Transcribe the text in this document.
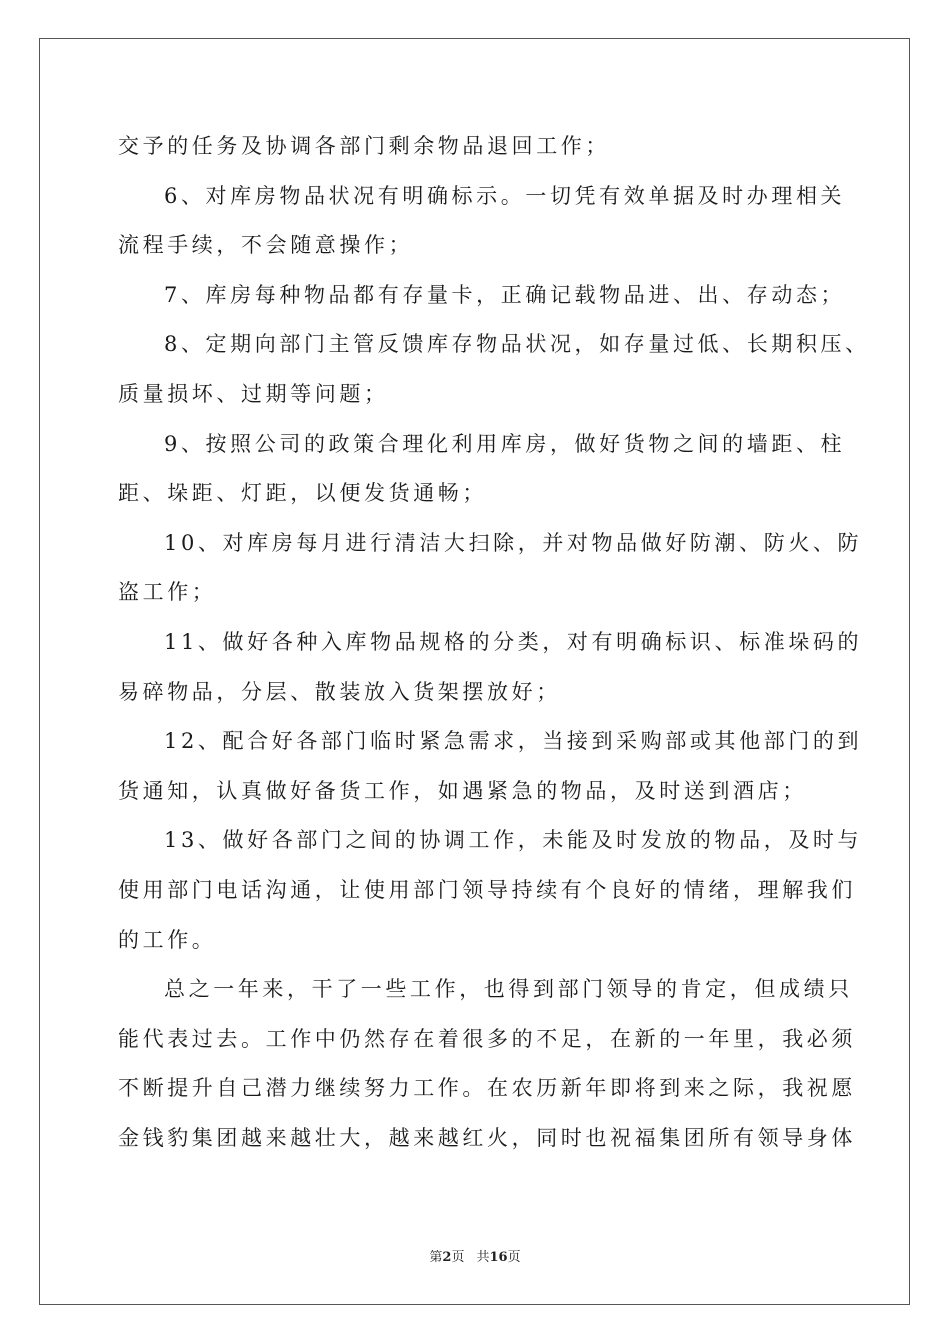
交予的任务及协调各部门剩余物品退回工作；
6、对库房物品状况有明确标示。一切凭有效单据及时办理相关
流程手续，不会随意操作；
7、库房每种物品都有存量卡，正确记载物品进、出、存动态；
8、定期向部门主管反馈库存物品状况，如存量过低、长期积压、
质量损坏、过期等问题；
9、按照公司的政策合理化利用库房，做好货物之间的墙距、柱
距、垛距、灯距，以便发货通畅；
10、对库房每月进行清洁大扫除，并对物品做好防潮、防火、防
盗工作；
11、做好各种入库物品规格的分类，对有明确标识、标准垛码的
易碎物品，分层、散装放入货架摆放好；
12、配合好各部门临时紧急需求，当接到采购部或其他部门的到
货通知，认真做好备货工作，如遇紧急的物品，及时送到酒店；
13、做好各部门之间的协调工作，未能及时发放的物品，及时与
使用部门电话沟通，让使用部门领导持续有个良好的情绪，理解我们
的工作。
总之一年来，干了一些工作，也得到部门领导的肯定，但成绩只
能代表过去。工作中仍然存在着很多的不足，在新的一年里，我必须
不断提升自己潜力继续努力工作。在农历新年即将到来之际，我祝愿
金钱豹集团越来越壮大，越来越红火，同时也祝福集团所有领导身体
第2页 共16页
